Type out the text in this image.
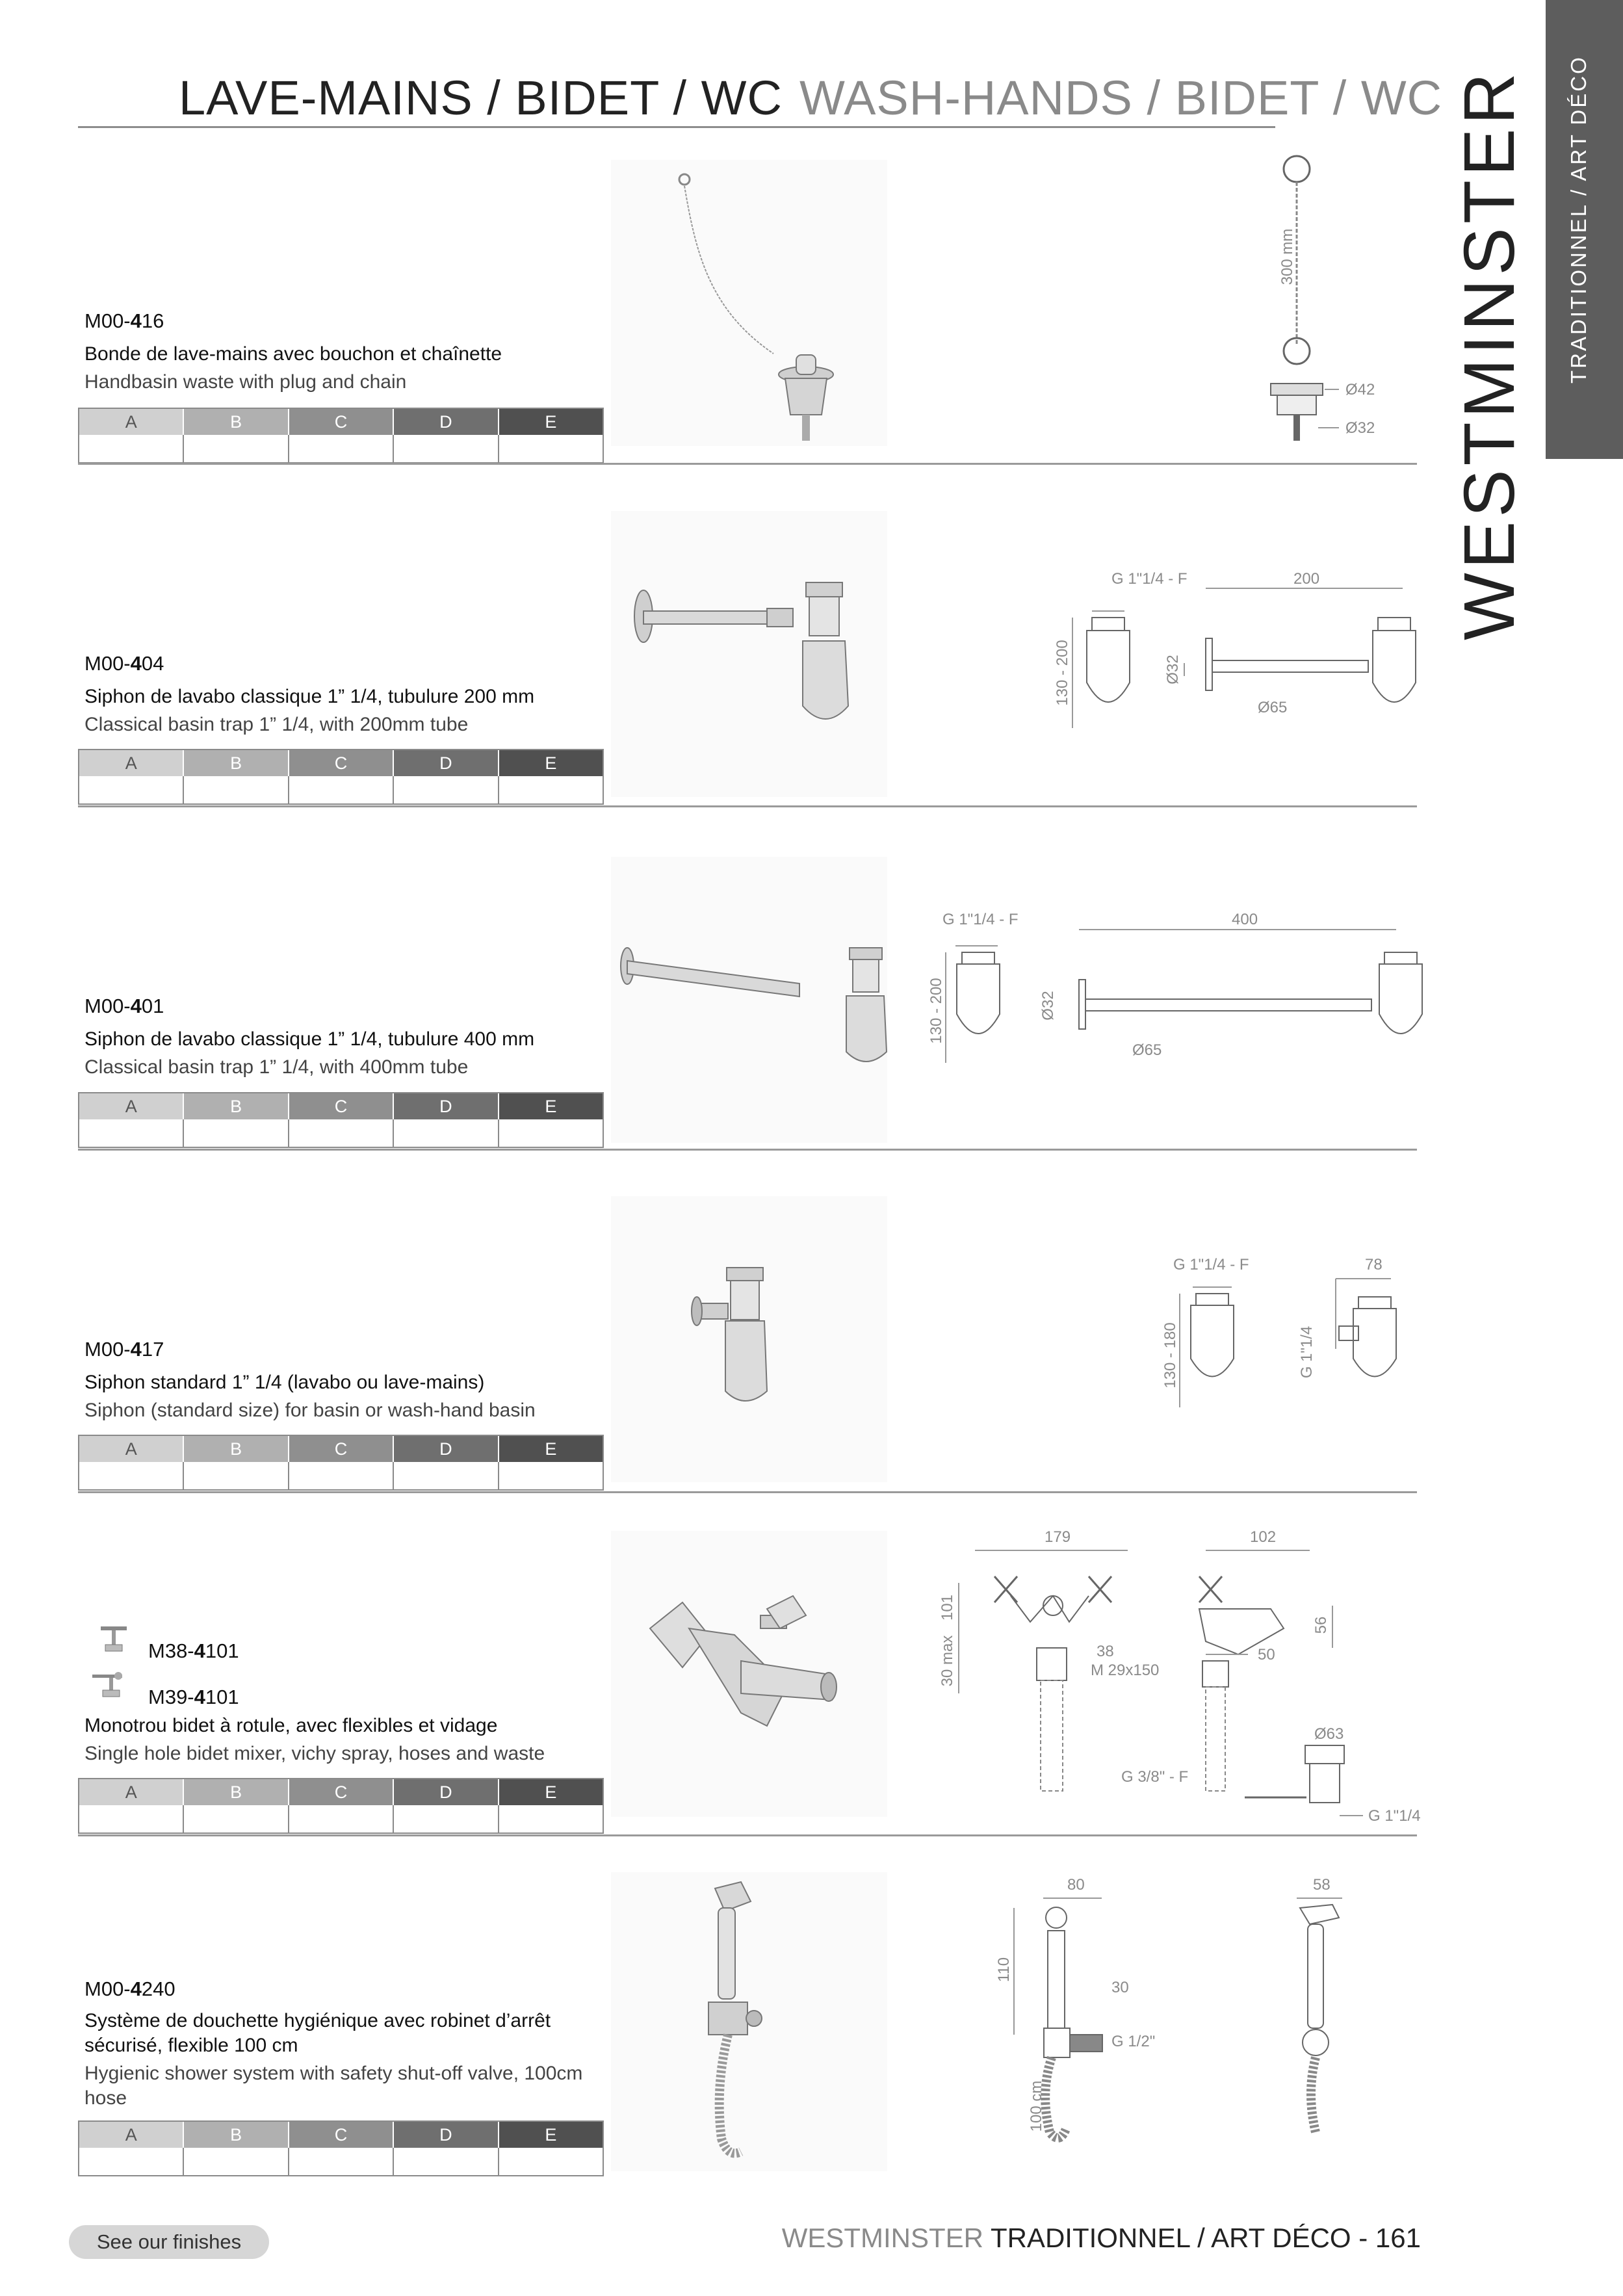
LAVE-MAINS / BIDET / WC WASH-HANDS / BIDET / WC	TRADITIONNEL / ART DÉCO
WESTMINSTER
M00-416
Bonde de lave-mains avec bouchon et chaînette
Handbasin waste with plug and chain
A	B	C	D	E
300 mm
Ø42
Ø32
M00-404
Siphon de lavabo classique 1” 1/4, tubulure 200 mm
Classical basin trap 1” 1/4, with 200mm tube
A	B	C	D	E
G 1"1/4 - F
130 - 200
200
Ø32
Ø65
M00-401
Siphon de lavabo classique 1” 1/4, tubulure 400 mm
Classical basin trap 1” 1/4, with 400mm tube
A	B	C	D	E
G 1"1/4 - F
130 - 200
400
Ø32
Ø65
M00-417
Siphon standard 1” 1/4 (lavabo ou lave-mains)
Siphon (standard size) for basin or wash-hand basin
A	B	C	D	E
G 1"1/4 - F
130 - 180
78
G 1"1/4
M38-4101
M39-4101
Monotrou bidet à rotule, avec flexibles et vidage
Single hole bidet mixer, vichy spray, hoses and waste
A	B	C	D	E
179
101
30 max	38
M 29x150
102
56
50
Ø63
G 3/8" - F
G 1"1/4
M00-4240
Système de douchette hygiénique avec robinet d’arrêt sécurisé, flexible 100 cm
Hygienic shower system with safety shut-off valve, 100cm hose
A	B	C	D	E
80
110
30
G 1/2"
100 cm
58
See our finishes	WESTMINSTER TRADITIONNEL / ART DÉCO - 161
